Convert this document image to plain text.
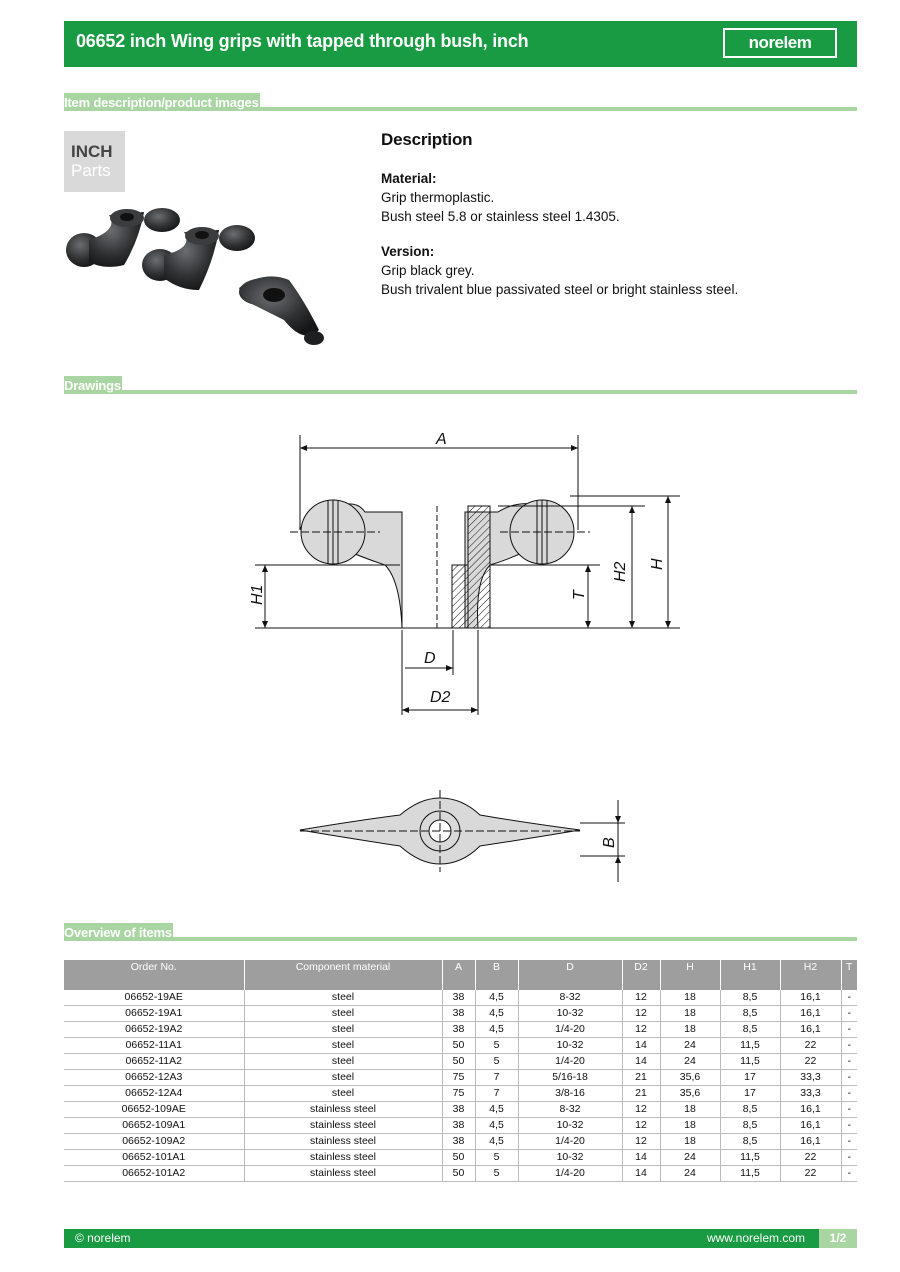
06652 inch Wing grips with tapped through bush, inch	norelem
Item description/product images
INCH
Parts
Description
Material:
Grip thermoplastic.
Bush steel 5.8 or stainless steel 1.4305.
Version:
Grip black grey.
Bush trivalent blue passivated steel or bright stainless steel.
Drawings
A
H1	T
H2 H
D
D2
B
Overview of items
Order No.	Component material	A	B	D	D2	H	H1	H2	T
06652-19AE	steel	38	4,5	8-32	12	18	8,5	16,1	-
06652-19A1	steel	38	4,5	10-32	12	18	8,5	16,1	-
06652-19A2	steel	38	4,5	1/4-20	12	18	8,5	16,1	-
06652-11A1	steel	50	5	10-32	14	24	11,5	22	-
06652-11A2	steel	50	5	1/4-20	14	24	11,5	22	-
06652-12A3	steel	75	7	5/16-18	21	35,6	17	33,3	-
06652-12A4	steel	75	7	3/8-16	21	35,6	17	33,3	-
06652-109AE	stainless steel	38	4,5	8-32	12	18	8,5	16,1	-
06652-109A1	stainless steel	38	4,5	10-32	12	18	8,5	16,1	-
06652-109A2	stainless steel	38	4,5	1/4-20	12	18	8,5	16,1	-
06652-101A1	stainless steel	50	5	10-32	14	24	11,5	22	-
06652-101A2	stainless steel	50	5	1/4-20	14	24	11,5	22	-
© norelem	www.norelem.com	1/2
